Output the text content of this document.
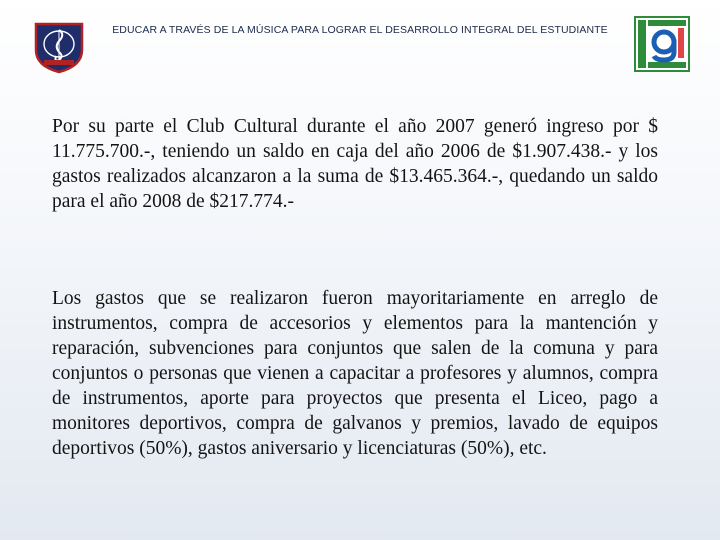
EDUCAR A TRAVÉS DE LA MÚSICA PARA LOGRAR EL DESARROLLO INTEGRAL DEL ESTUDIANTE

Por su parte el Club Cultural durante el año 2007 generó ingreso por $ 11.775.700.-, teniendo un saldo en caja del año 2006 de $1.907.438.- y los gastos realizados alcanzaron a la suma de $13.465.364.-, quedando un saldo para el año 2008 de $217.774.-

Los gastos que se realizaron fueron mayoritariamente en arreglo de instrumentos, compra de accesorios y elementos para la mantención y reparación, subvenciones para conjuntos que salen de la comuna y para conjuntos o personas que vienen a capacitar a profesores y alumnos, compra de instrumentos, aporte para proyectos que presenta el Liceo, pago a monitores deportivos, compra de galvanos y premios, lavado de equipos deportivos (50%), gastos aniversario y licenciaturas (50%), etc.
